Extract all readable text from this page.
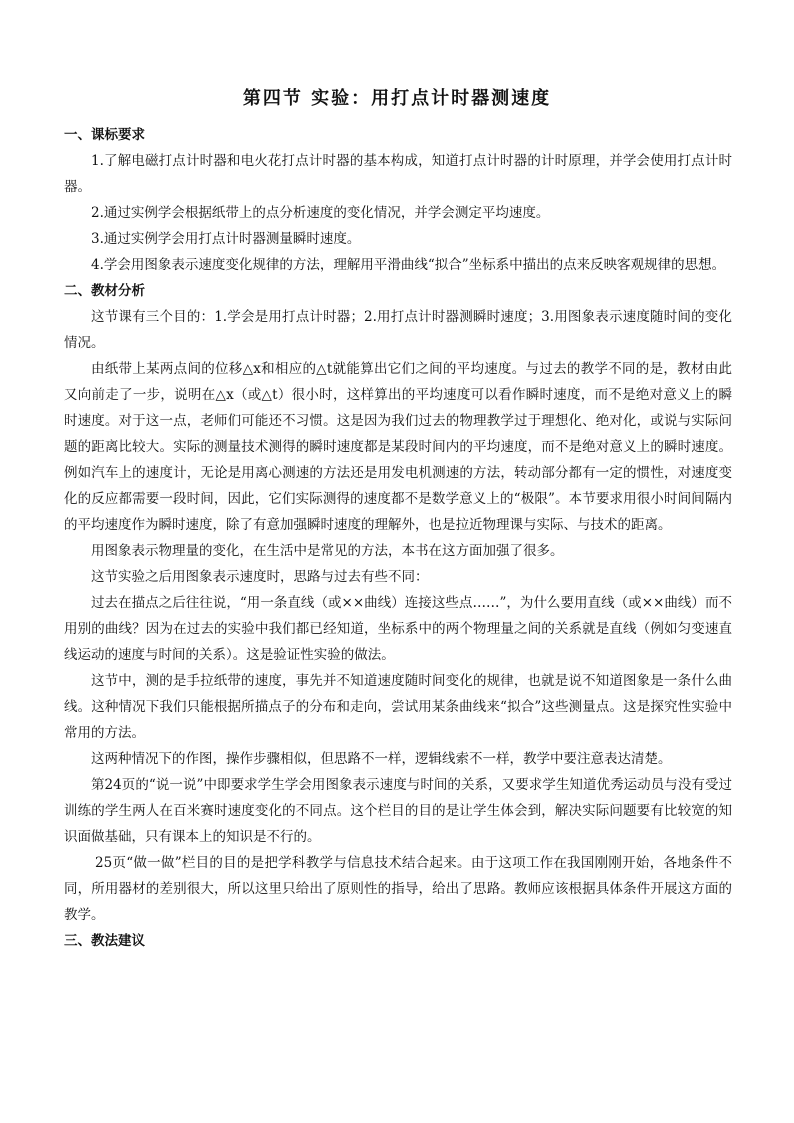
第四节 实验：用打点计时器测速度
一、课标要求

1.了解电磁打点计时器和电火花打点计时器的基本构成，知道打点计时器的计时原理，并学会使用打点计时器。

2.通过实例学会根据纸带上的点分析速度的变化情况，并学会测定平均速度。

3.通过实例学会用打点计时器测量瞬时速度。

4.学会用图象表示速度变化规律的方法，理解用平滑曲线“拟合”坐标系中描出的点来反映客观规律的思想。

二、教材分析

这节课有三个目的：1.学会是用打点计时器；2.用打点计时器测瞬时速度；3.用图象表示速度随时间的变化情况。

由纸带上某两点间的位移△x和相应的△t就能算出它们之间的平均速度。与过去的教学不同的是，教材由此又向前走了一步，说明在△x（或△t）很小时，这样算出的平均速度可以看作瞬时速度，而不是绝对意义上的瞬时速度。对于这一点，老师们可能还不习惯。这是因为我们过去的物理教学过于理想化、绝对化，或说与实际问题的距离比较大。实际的测量技术测得的瞬时速度都是某段时间内的平均速度，而不是绝对意义上的瞬时速度。例如汽车上的速度计，无论是用离心测速的方法还是用发电机测速的方法，转动部分都有一定的惯性，对速度变化的反应都需要一段时间，因此，它们实际测得的速度都不是数学意义上的“极限”。本节要求用很小时间间隔内的平均速度作为瞬时速度，除了有意加强瞬时速度的理解外，也是拉近物理课与实际、与技术的距离。

用图象表示物理量的变化，在生活中是常见的方法，本书在这方面加强了很多。

这节实验之后用图象表示速度时，思路与过去有些不同：

过去在描点之后往往说，“用一条直线（或××曲线）连接这些点……”，为什么要用直线（或××曲线）而不用别的曲线？因为在过去的实验中我们都已经知道，坐标系中的两个物理量之间的关系就是直线（例如匀变速直线运动的速度与时间的关系）。这是验证性实验的做法。

这节中，测的是手拉纸带的速度，事先并不知道速度随时间变化的规律，也就是说不知道图象是一条什么曲线。这种情况下我们只能根据所描点子的分布和走向，尝试用某条曲线来“拟合”这些测量点。这是探究性实验中常用的方法。

这两种情况下的作图，操作步骤相似，但思路不一样，逻辑线索不一样，教学中要注意表达清楚。

第24页的“说一说”中即要求学生学会用图象表示速度与时间的关系，又要求学生知道优秀运动员与没有受过训练的学生两人在百米赛时速度变化的不同点。这个栏目的目的是让学生体会到，解决实际问题要有比较宽的知识面做基础，只有课本上的知识是不行的。

25页“做一做”栏目的目的是把学科教学与信息技术结合起来。由于这项工作在我国刚刚开始，各地条件不同，所用器材的差别很大，所以这里只给出了原则性的指导，给出了思路。教师应该根据具体条件开展这方面的教学。

三、教法建议
